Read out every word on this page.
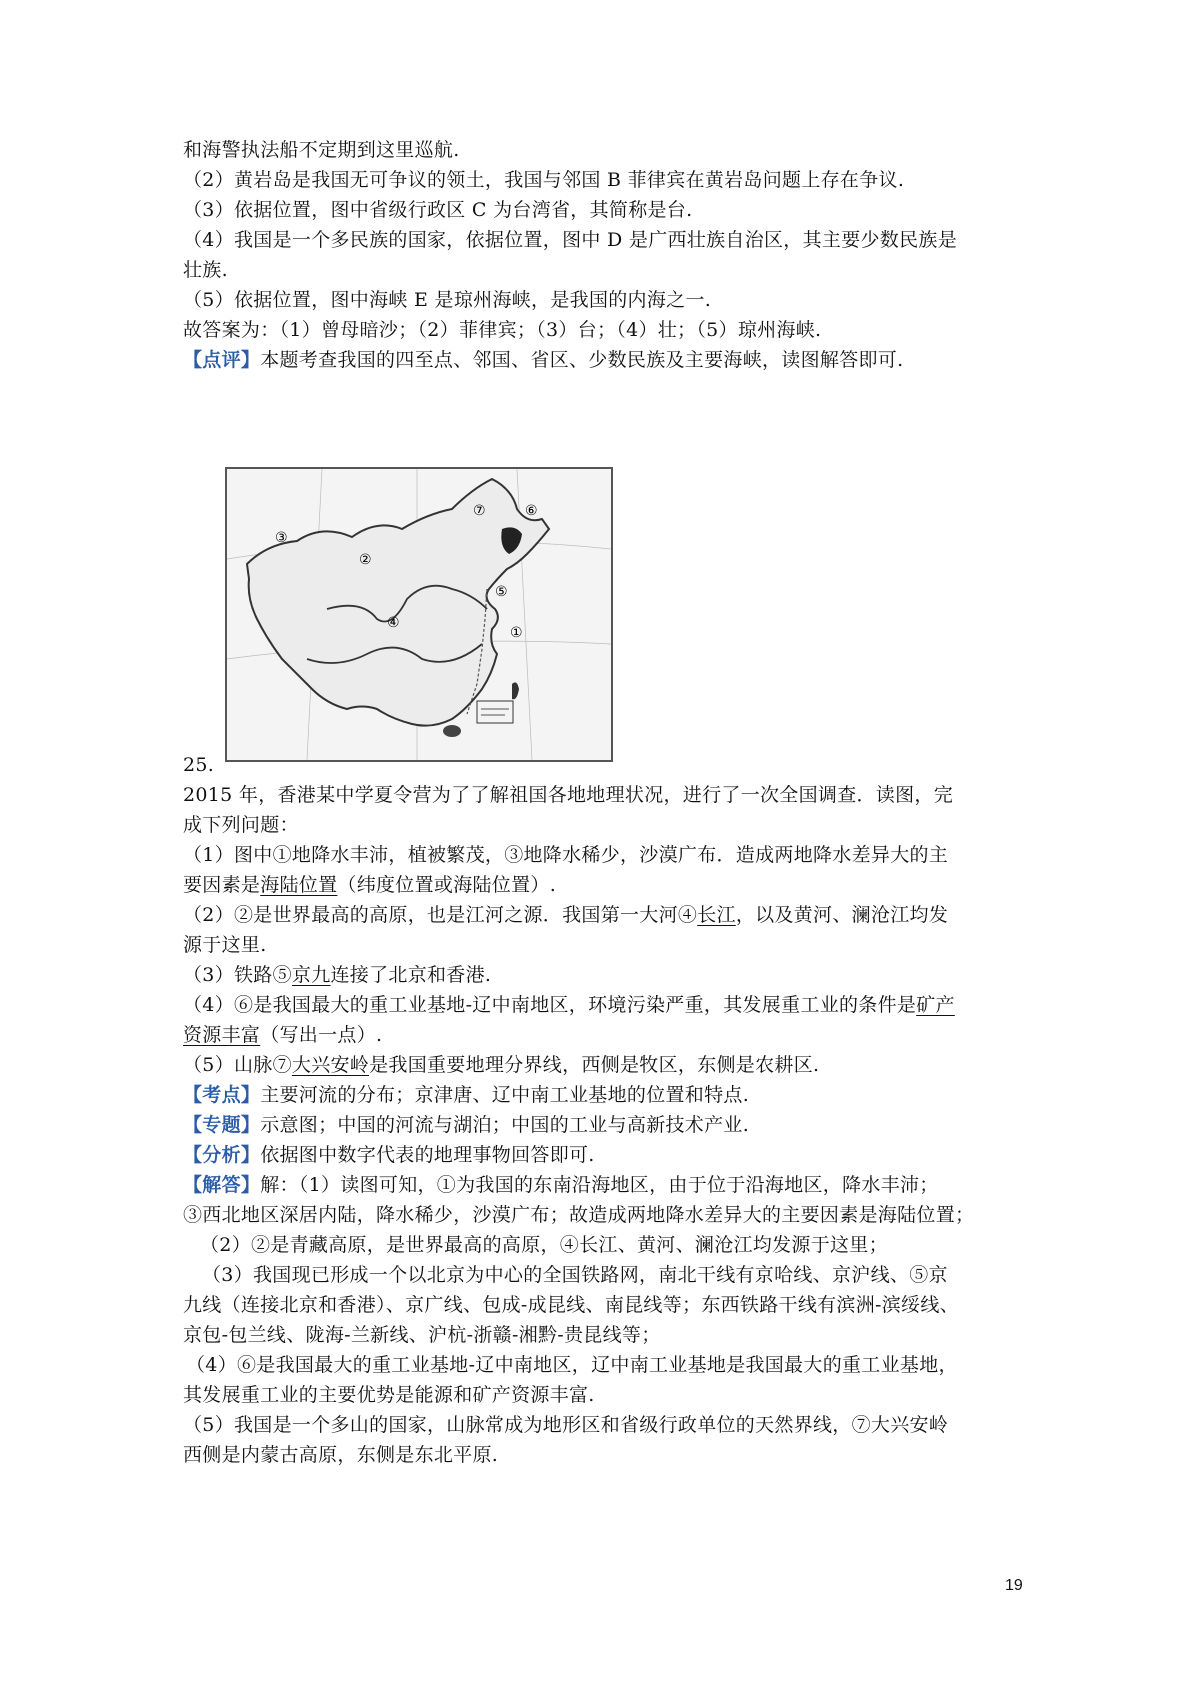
和海警执法船不定期到这里巡航.
（2）黄岩岛是我国无可争议的领土，我国与邻国 B 菲律宾在黄岩岛问题上存在争议.
（3）依据位置，图中省级行政区 C 为台湾省，其简称是台.
（4）我国是一个多民族的国家，依据位置，图中 D 是广西壮族自治区，其主要少数民族是
壮族.
（5）依据位置，图中海峡 E 是琼州海峡，是我国的内海之一.
故答案为：（1）曾母暗沙；（2）菲律宾；（3）台；（4）壮；（5）琼州海峡.
【点评】本题考查我国的四至点、邻国、省区、少数民族及主要海峡，读图解答即可.
③
②
⑦	⑥
⑤
④
①
25.
2015 年，香港某中学夏令营为了了解祖国各地地理状况，进行了一次全国调查．读图，完
成下列问题：
（1）图中①地降水丰沛，植被繁茂，③地降水稀少，沙漠广布．造成两地降水差异大的主
要因素是海陆位置（纬度位置或海陆位置）.
（2）②是世界最高的高原，也是江河之源．我国第一大河④长江，以及黄河、澜沧江均发
源于这里.
（3）铁路⑤京九连接了北京和香港.
（4）⑥是我国最大的重工业基地-辽中南地区，环境污染严重，其发展重工业的条件是矿产
资源丰富（写出一点）.
（5）山脉⑦大兴安岭是我国重要地理分界线，西侧是牧区，东侧是农耕区.
【考点】主要河流的分布；京津唐、辽中南工业基地的位置和特点.
【专题】示意图；中国的河流与湖泊；中国的工业与高新技术产业.
【分析】依据图中数字代表的地理事物回答即可.
【解答】解：（1）读图可知，①为我国的东南沿海地区，由于位于沿海地区，降水丰沛；
③西北地区深居内陆，降水稀少，沙漠广布；故造成两地降水差异大的主要因素是海陆位置；
（2）②是青藏高原，是世界最高的高原，④长江、黄河、澜沧江均发源于这里；
（3）我国现已形成一个以北京为中心的全国铁路网，南北干线有京哈线、京沪线、⑤京
九线（连接北京和香港）、京广线、包成-成昆线、南昆线等；东西铁路干线有滨洲-滨绥线、
京包-包兰线、陇海-兰新线、沪杭-浙赣-湘黔-贵昆线等；
（4）⑥是我国最大的重工业基地-辽中南地区，辽中南工业基地是我国最大的重工业基地，
其发展重工业的主要优势是能源和矿产资源丰富.
（5）我国是一个多山的国家，山脉常成为地形区和省级行政单位的天然界线，⑦大兴安岭
西侧是内蒙古高原，东侧是东北平原.
19
